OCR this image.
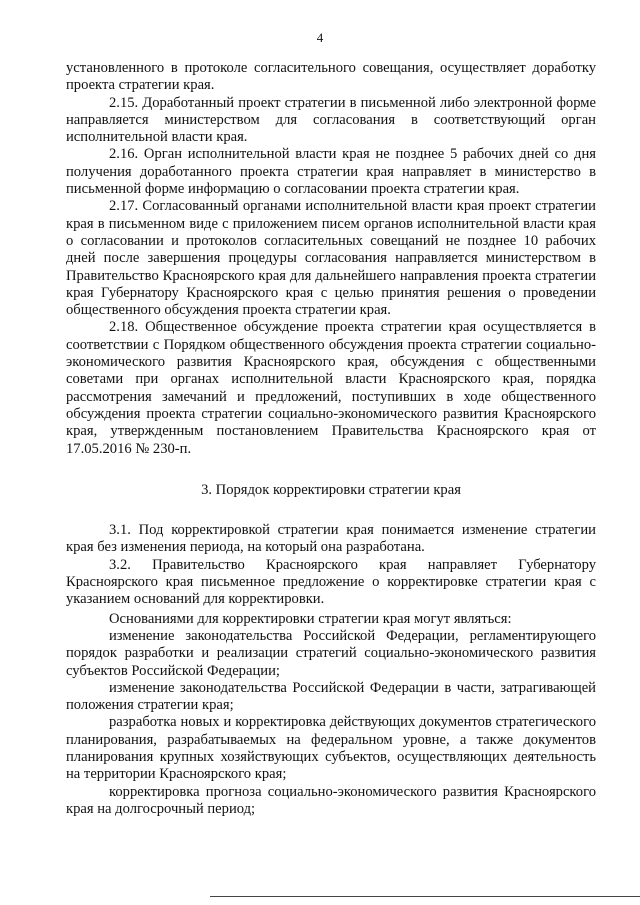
4

установленного в протоколе согласительного совещания, осуществляет доработку проекта стратегии края.

2.15. Доработанный проект стратегии в письменной либо электронной форме направляется министерством для согласования в соответствующий орган исполнительной власти края.

2.16. Орган исполнительной власти края не позднее 5 рабочих дней со дня получения доработанного проекта стратегии края направляет в министерство в письменной форме информацию о согласовании проекта стратегии края.

2.17. Согласованный органами исполнительной власти края проект стратегии края в письменном виде с приложением писем органов исполнительной власти края о согласовании и протоколов согласительных совещаний не позднее 10 рабочих дней после завершения процедуры согласования направляется министерством в Правительство Красноярского края для дальнейшего направления проекта стратегии края Губернатору Красноярского края с целью принятия решения о проведении общественного обсуждения проекта стратегии края.

2.18. Общественное обсуждение проекта стратегии края осуществляется в соответствии с Порядком общественного обсуждения проекта стратегии социально-экономического развития Красноярского края, обсуждения с общественными советами при органах исполнительной власти Красноярского края, порядка рассмотрения замечаний и предложений, поступивших в ходе общественного обсуждения проекта стратегии социально-экономического развития Красноярского края, утвержденным постановлением Правительства Красноярского края от 17.05.2016 № 230-п.

3. Порядок корректировки стратегии края

3.1. Под корректировкой стратегии края понимается изменение стратегии края без изменения периода, на который она разработана.

3.2. Правительство Красноярского края направляет Губернатору Красноярского края письменное предложение о корректировке стратегии края с указанием оснований для корректировки.

Основаниями для корректировки стратегии края могут являться:

изменение законодательства Российской Федерации, регламентирующего порядок разработки и реализации стратегий социально-экономического развития субъектов Российской Федерации;

изменение законодательства Российской Федерации в части, затрагивающей положения стратегии края;

разработка новых и корректировка действующих документов стратегического планирования, разрабатываемых на федеральном уровне, а также документов планирования крупных хозяйствующих субъектов, осуществляющих деятельность на территории Красноярского края;

корректировка прогноза социально-экономического развития Красноярского края на долгосрочный период;
